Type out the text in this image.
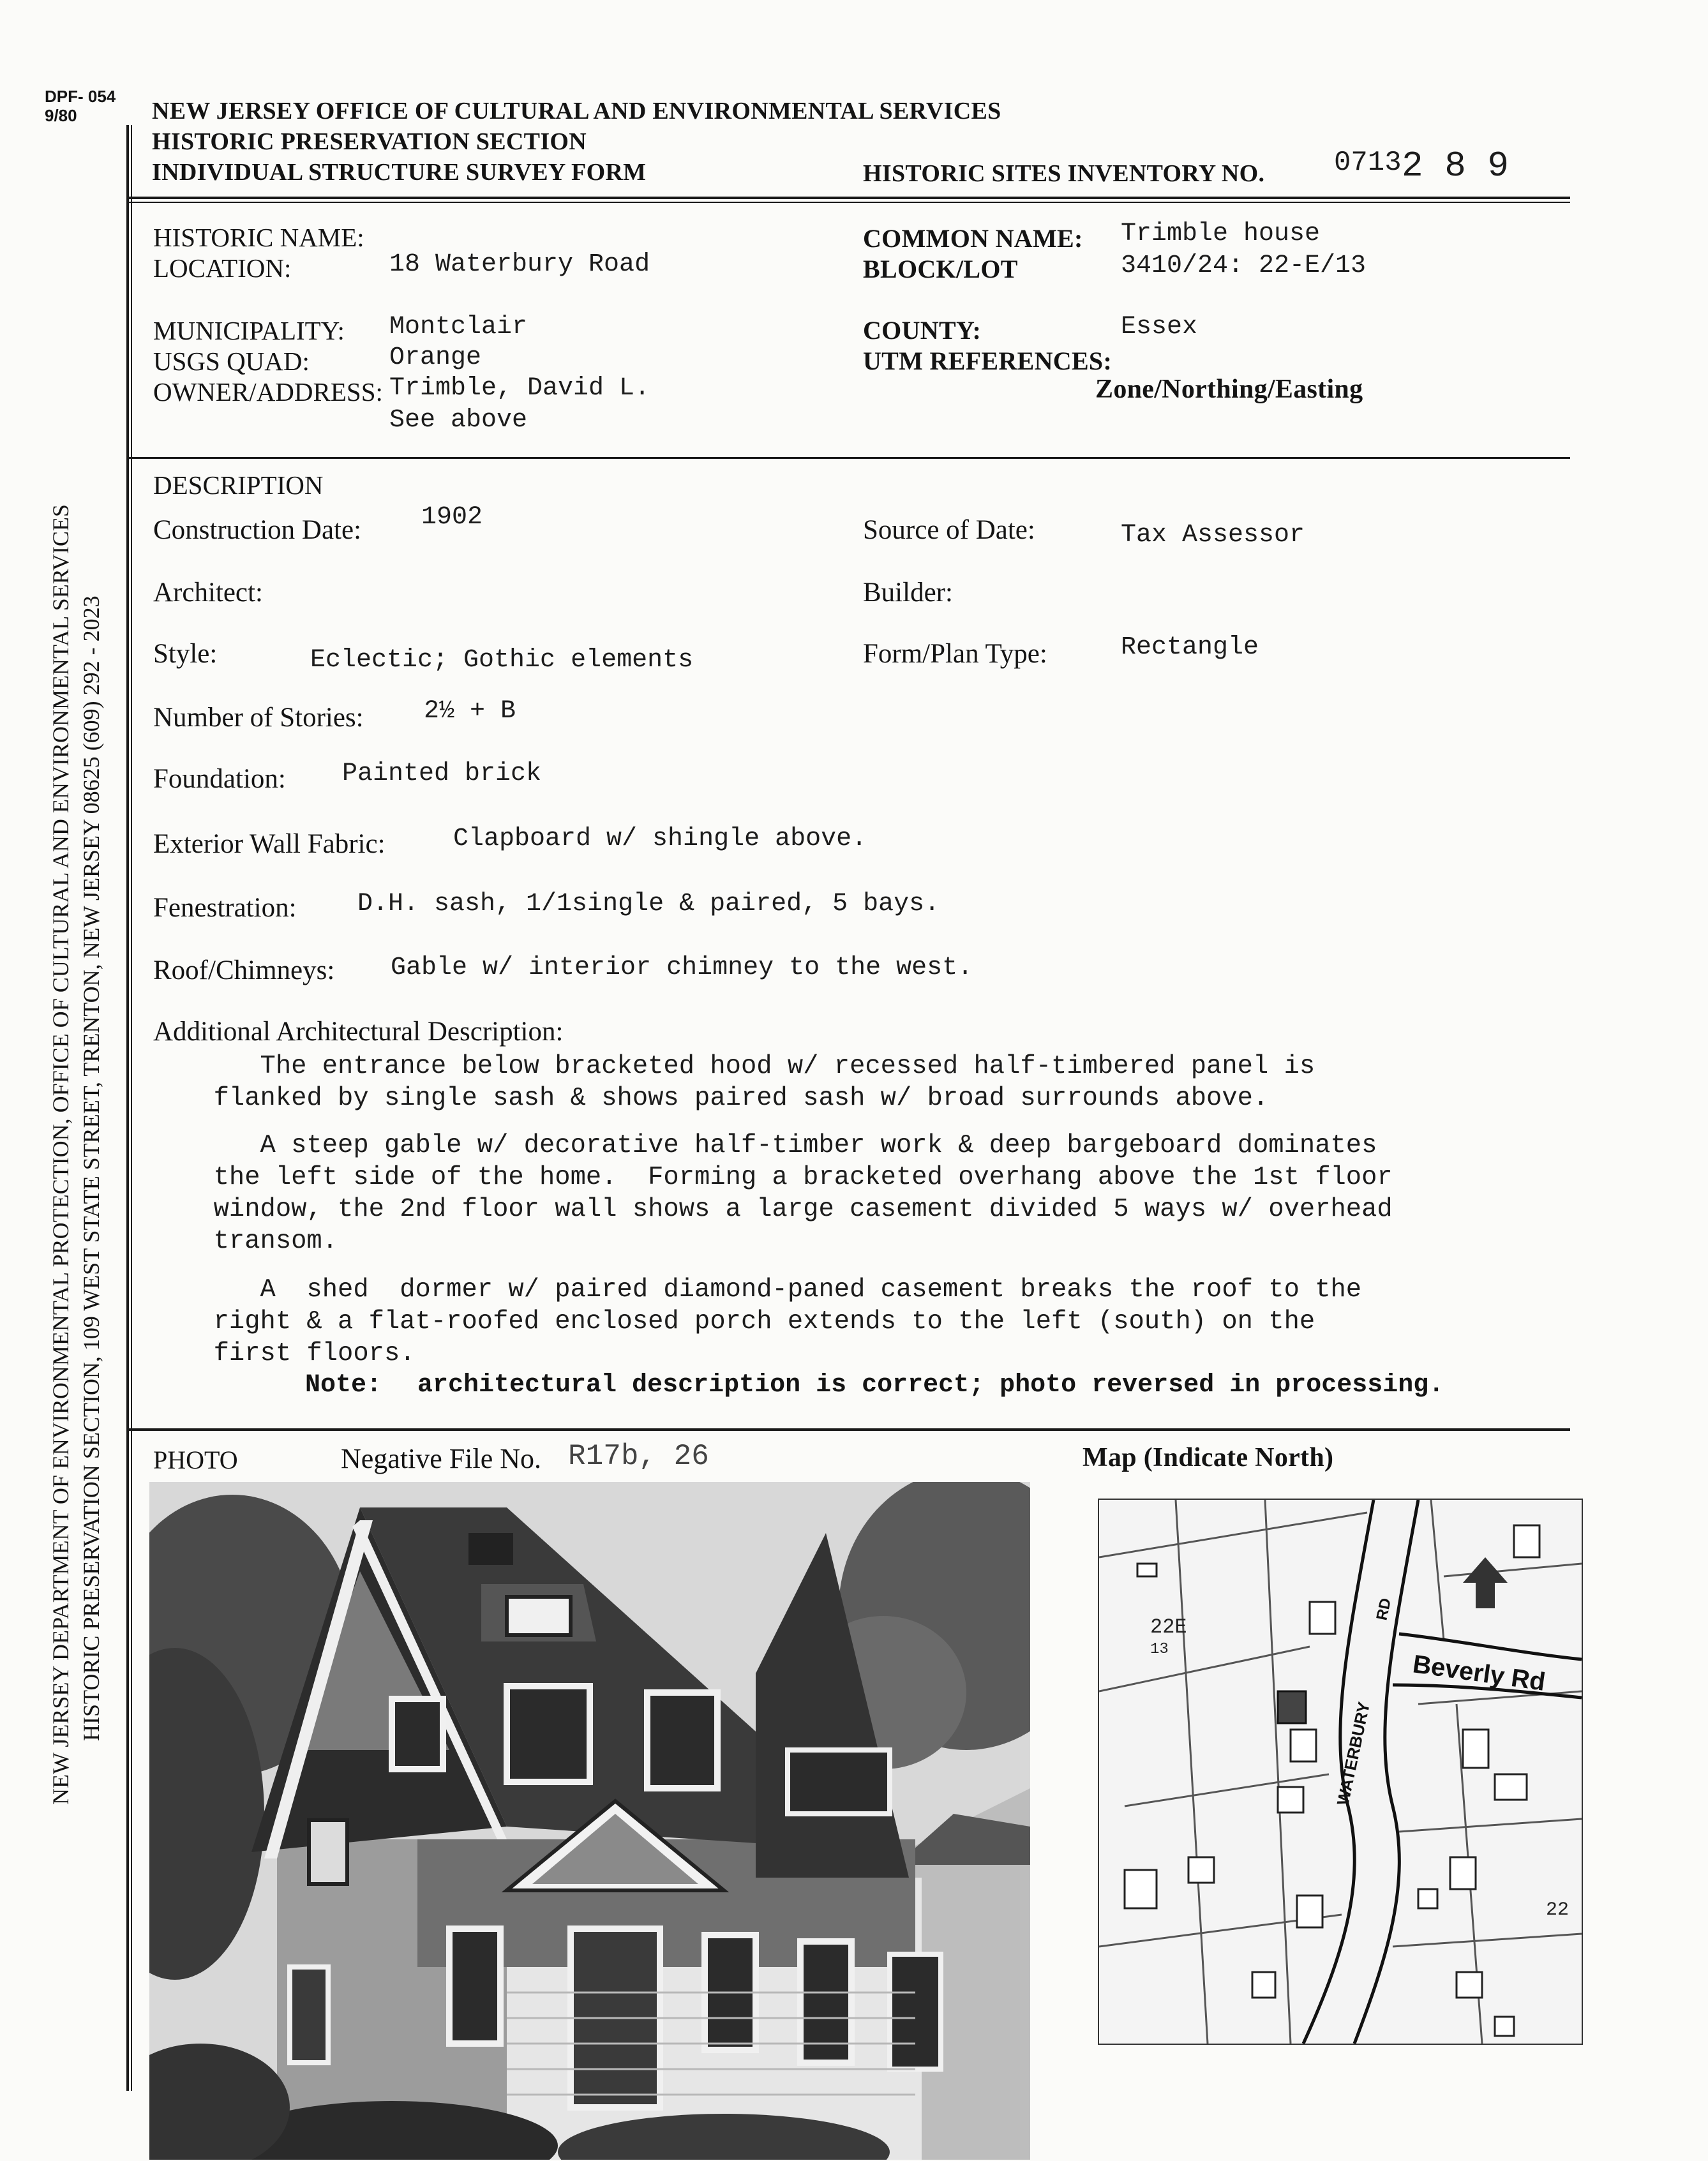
DPF- 054
9/80	NEW JERSEY OFFICE OF CULTURAL AND ENVIRONMENTAL SERVICES
HISTORIC PRESERVATION SECTION
INDIVIDUAL STRUCTURE SURVEY FORM	HISTORIC SITES INVENTORY NO. 0713 2 8 9
NEW JERSEY DEPARTMENT OF ENVIRONMENTAL PROTECTION, OFFICE OF CULTURAL AND ENVIRONMENTAL SERVICES HISTORIC PRESERVATION SECTION, 109 WEST STATE STREET, TRENTON, NEW JERSEY 08625 (609) 292 - 2023
HISTORIC NAME:
LOCATION:	18 Waterbury Road
COMMON NAME: Trimble house
BLOCK/LOT	3410/24: 22-E/13
MUNICIPALITY: Montclair
USGS QUAD:	Orange
OWNER/ADDRESS: Trimble, David L.
See above
COUNTY:	Essex
UTM REFERENCES:
Zone/Northing/Easting
DESCRIPTION
Construction Date: 1902	Source of Date:	Tax Assessor
Architect:	Builder:
Style:	Eclectic; Gothic elements	Form/Plan Type:	Rectangle
Number of Stories: 2½ + B
Foundation: Painted brick
Exterior Wall Fabric:	Clapboard w/ shingle above.
Fenestration: D.H. sash, 1/1single & paired, 5 bays.
Roof/Chimneys: Gable w/ interior chimney to the west.
Additional Architectural Description:
The entrance below bracketed hood w/ recessed half-timbered panel is
flanked by single sash & shows paired sash w/ broad surrounds above.
A steep gable w/ decorative half-timber work & deep bargeboard dominates
the left side of the home.  Forming a bracketed overhang above the 1st floor
window, the 2nd floor wall shows a large casement divided 5 ways w/ overhead
transom.
A  shed  dormer w/ paired diamond-paned casement breaks the roof to the
right & a flat-roofed enclosed porch extends to the left (south) on the
first floors.
Note: architectural description is correct; photo reversed in processing.
PHOTO	Negative File No. R17b, 26	Map (Indicate North)
22E
13
22
Beverly Rd
WATERBURY
RD
